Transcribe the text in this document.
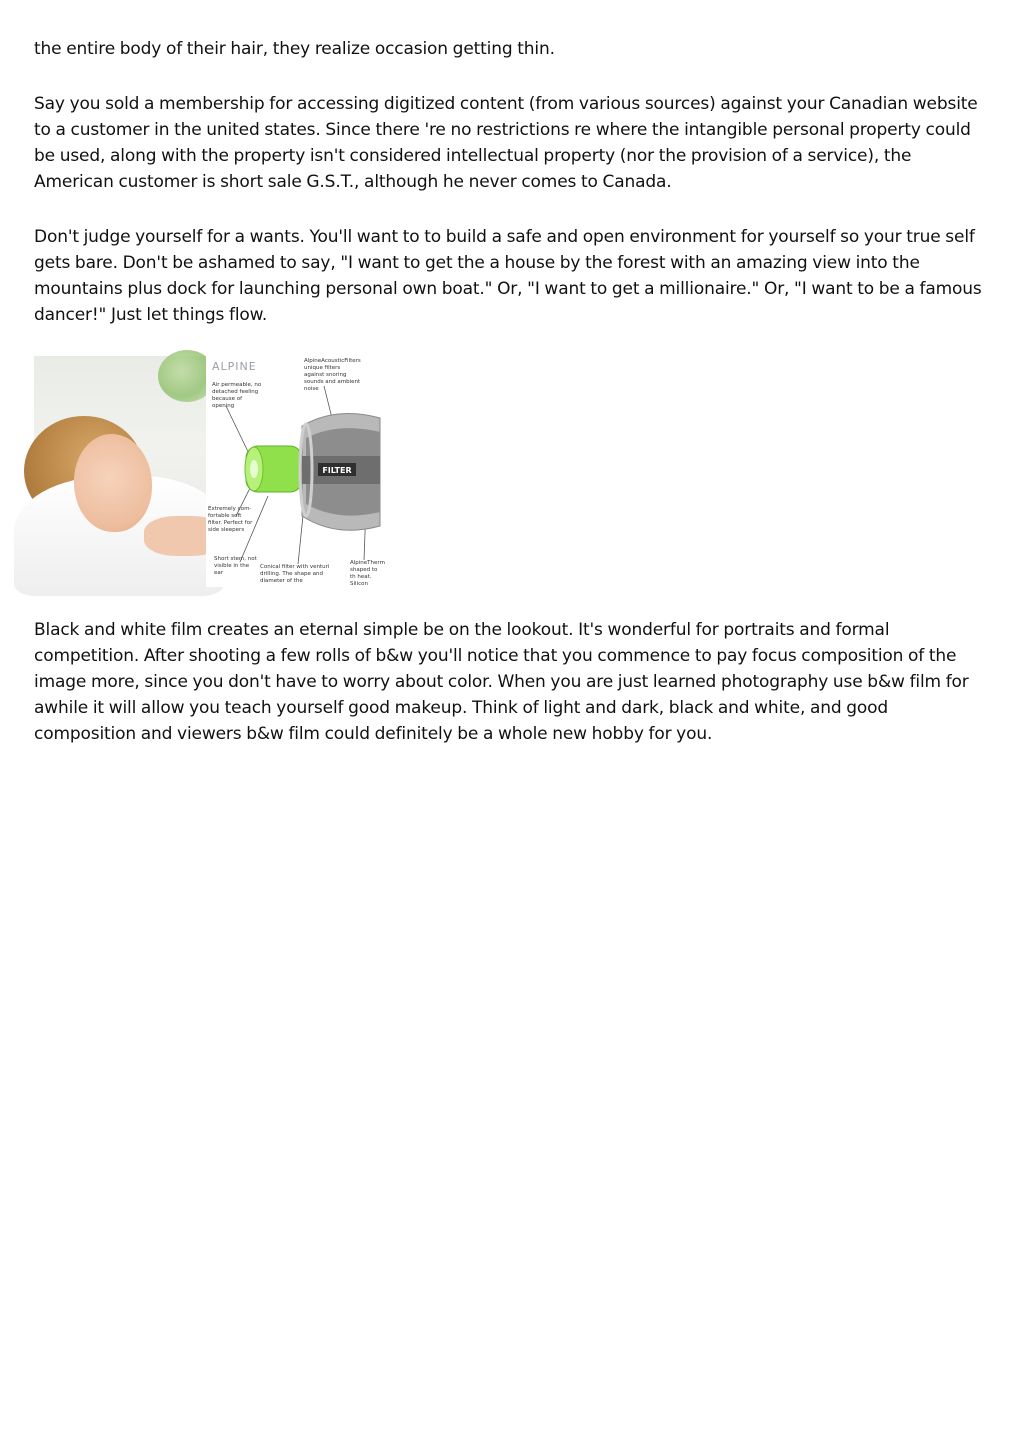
the entire body of their hair, they realize occasion getting thin.

Say you sold a membership for accessing digitized content (from various sources) against your Canadian website to a customer in the united states. Since there 're no restrictions re where the intangible personal property could be used, along with the property isn't considered intellectual property (nor the provision of a service), the American customer is short sale G.S.T., although he never comes to Canada.

Don't judge yourself for a wants. You'll want to to build a safe and open environment for yourself so your true self gets bare. Don't be ashamed to say, "I want to get the a house by the forest with an amazing view into the mountains plus dock for launching personal own boat." Or, "I want to get a millionaire." Or, "I want to be a famous dancer!" Just let things flow.

ALPINE
Air permeable, no detached feeling because of opening
AlpineAcousticFilters unique filters against snoring sounds and ambient noise
Extremely com-fortable soft filter. Perfect for side sleepers
Short stem, not visible in the ear
Conical filter with venturi drilling. The shape and diameter of the
AlpineTherm shaped to th heat. Silicon
FILTER

Black and white film creates an eternal simple be on the lookout. It's wonderful for portraits and formal competition. After shooting a few rolls of b&w you'll notice that you commence to pay focus composition of the image more, since you don't have to worry about color. When you are just learned photography use b&w film for awhile it will allow you teach yourself good makeup. Think of light and dark, black and white, and good composition and viewers b&w film could definitely be a whole new hobby for you.
